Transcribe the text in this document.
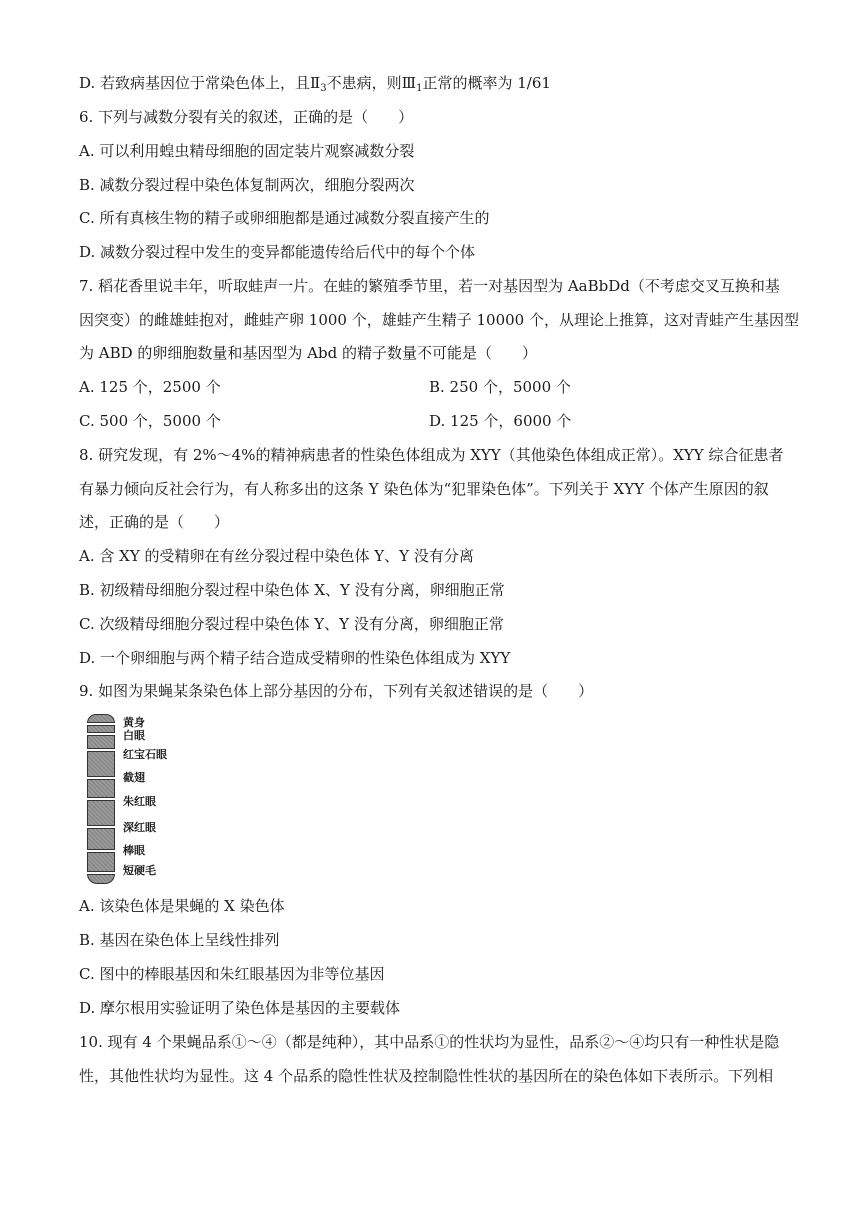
D. 若致病基因位于常染色体上，且$Ⅱ_3$不患病，则$Ⅲ_1$正常的概率为 1/61
6. 下列与减数分裂有关的叙述，正确的是（　　）
A. 可以利用蝗虫精母细胞的固定装片观察减数分裂
B. 减数分裂过程中染色体复制两次，细胞分裂两次
C. 所有真核生物的精子或卵细胞都是通过减数分裂直接产生的
D. 减数分裂过程中发生的变异都能遗传给后代中的每个个体
7. 稻花香里说丰年，听取蛙声一片。在蛙的繁殖季节里，若一对基因型为 AaBbDd（不考虑交叉互换和基
因突变）的雌雄蛙抱对，雌蛙产卵 1000 个，雄蛙产生精子 10000 个，从理论上推算，这对青蛙产生基因型
为 ABD 的卵细胞数量和基因型为 Abd 的精子数量不可能是（　　）
A. 125 个，2500 个	B. 250 个，5000 个
C. 500 个，5000 个	D. 125 个，6000 个
8. 研究发现，有 2%～4%的精神病患者的性染色体组成为 XYY（其他染色体组成正常）。XYY 综合征患者
有暴力倾向反社会行为，有人称多出的这条 Y 染色体为“犯罪染色体”。下列关于 XYY 个体产生原因的叙
述，正确的是（　　）
A. 含 XY 的受精卵在有丝分裂过程中染色体 Y、Y 没有分离
B. 初级精母细胞分裂过程中染色体 X、Y 没有分离，卵细胞正常
C. 次级精母细胞分裂过程中染色体 Y、Y 没有分离，卵细胞正常
D. 一个卵细胞与两个精子结合造成受精卵的性染色体组成为 XYY
9. 如图为果蝇某条染色体上部分基因的分布，下列有关叙述错误的是（　　）
黄身
白眼
红宝石眼
截翅
朱红眼
深红眼
棒眼
短硬毛
A. 该染色体是果蝇的 X 染色体
B. 基因在染色体上呈线性排列
C. 图中的棒眼基因和朱红眼基因为非等位基因
D. 摩尔根用实验证明了染色体是基因的主要载体
10. 现有 4 个果蝇品系①～④（都是纯种），其中品系①的性状均为显性，品系②～④均只有一种性状是隐
性，其他性状均为显性。这 4 个品系的隐性性状及控制隐性性状的基因所在的染色体如下表所示。下列相
